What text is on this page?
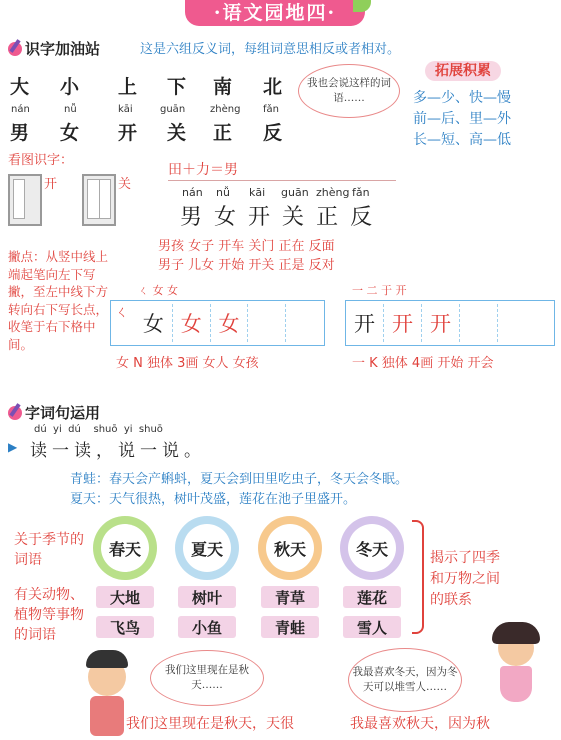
·语文园地四·
识字加油站	这是六组反义词，每组词意思相反或者相对。
大 小 上 下 南 北
nán	nǚ	kāi	guān zhèng fǎn
男 女 开 关 正 反
我也会说这样的词语……
拓展积累
多—少、快—慢
前—后、里—外
长—短、高—低
看图识字：
开	关
田＋力＝男
nán nǚ kāi guān zhèng fǎn
男女开关正反
男孩 女子 开车 关门 正在 反面
男子 儿女 开始 开关 正是 反对
撇点：从竖中线上端起笔向左下写撇，至左中线下方转向右下写长点，收笔于右下格中间。
ㄑ 女 女	一 二 于 开
ㄑ 女 女 女	开 开 开
女 N 独体 3画 女人 女孩	一 K 独体 4画 开始 开会
字词句运用
dú  yi  dú    shuō  yi  shuō
▶ 读一读，说一说。
青蛙：春天会产蝌蚪，夏天会到田里吃虫子，冬天会冬眠。
夏天：天气很热，树叶茂盛，莲花在池子里盛开。
关于季节的词语
有关动物、植物等事物的词语
春天	夏天	秋天	冬天
大地	树叶	青草	莲花
飞鸟	小鱼	青蛙	雪人
揭示了四季和万物之间的联系
我们这里现在是秋天……
我最喜欢冬天，因为冬天可以堆雪人……
我们这里现在是秋天，天很	我最喜欢秋天，因为秋
